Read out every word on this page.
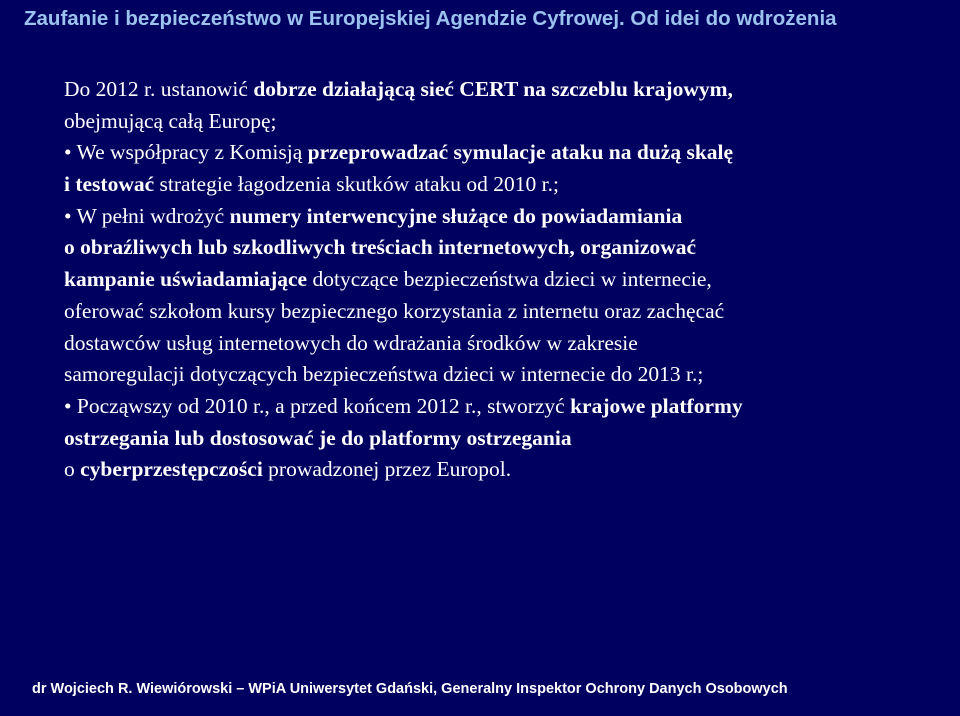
Zaufanie i bezpieczeństwo w Europejskiej Agendzie Cyfrowej. Od idei do wdrożenia
Do 2012 r. ustanowić dobrze działającą sieć CERT na szczeblu krajowym,
obejmującą całą Europę;
• We współpracy z Komisją przeprowadzać symulacje ataku na dużą skalę
i testować strategie łagodzenia skutków ataku od 2010 r.;
• W pełni wdrożyć numery interwencyjne służące do powiadamiania
o obraźliwych lub szkodliwych treściach internetowych, organizować
kampanie uświadamiające dotyczące bezpieczeństwa dzieci w internecie,
oferować szkołom kursy bezpiecznego korzystania z internetu oraz zachęcać
dostawców usług internetowych do wdrażania środków w zakresie
samoregulacji dotyczących bezpieczeństwa dzieci w internecie do 2013 r.;
• Począwszy od 2010 r., a przed końcem 2012 r., stworzyć krajowe platformy
ostrzegania lub dostosować je do platformy ostrzegania
o cyberprzestępczości prowadzonej przez Europol.
dr Wojciech R. Wiewiórowski – WPiA Uniwersytet Gdański, Generalny Inspektor Ochrony Danych Osobowych
